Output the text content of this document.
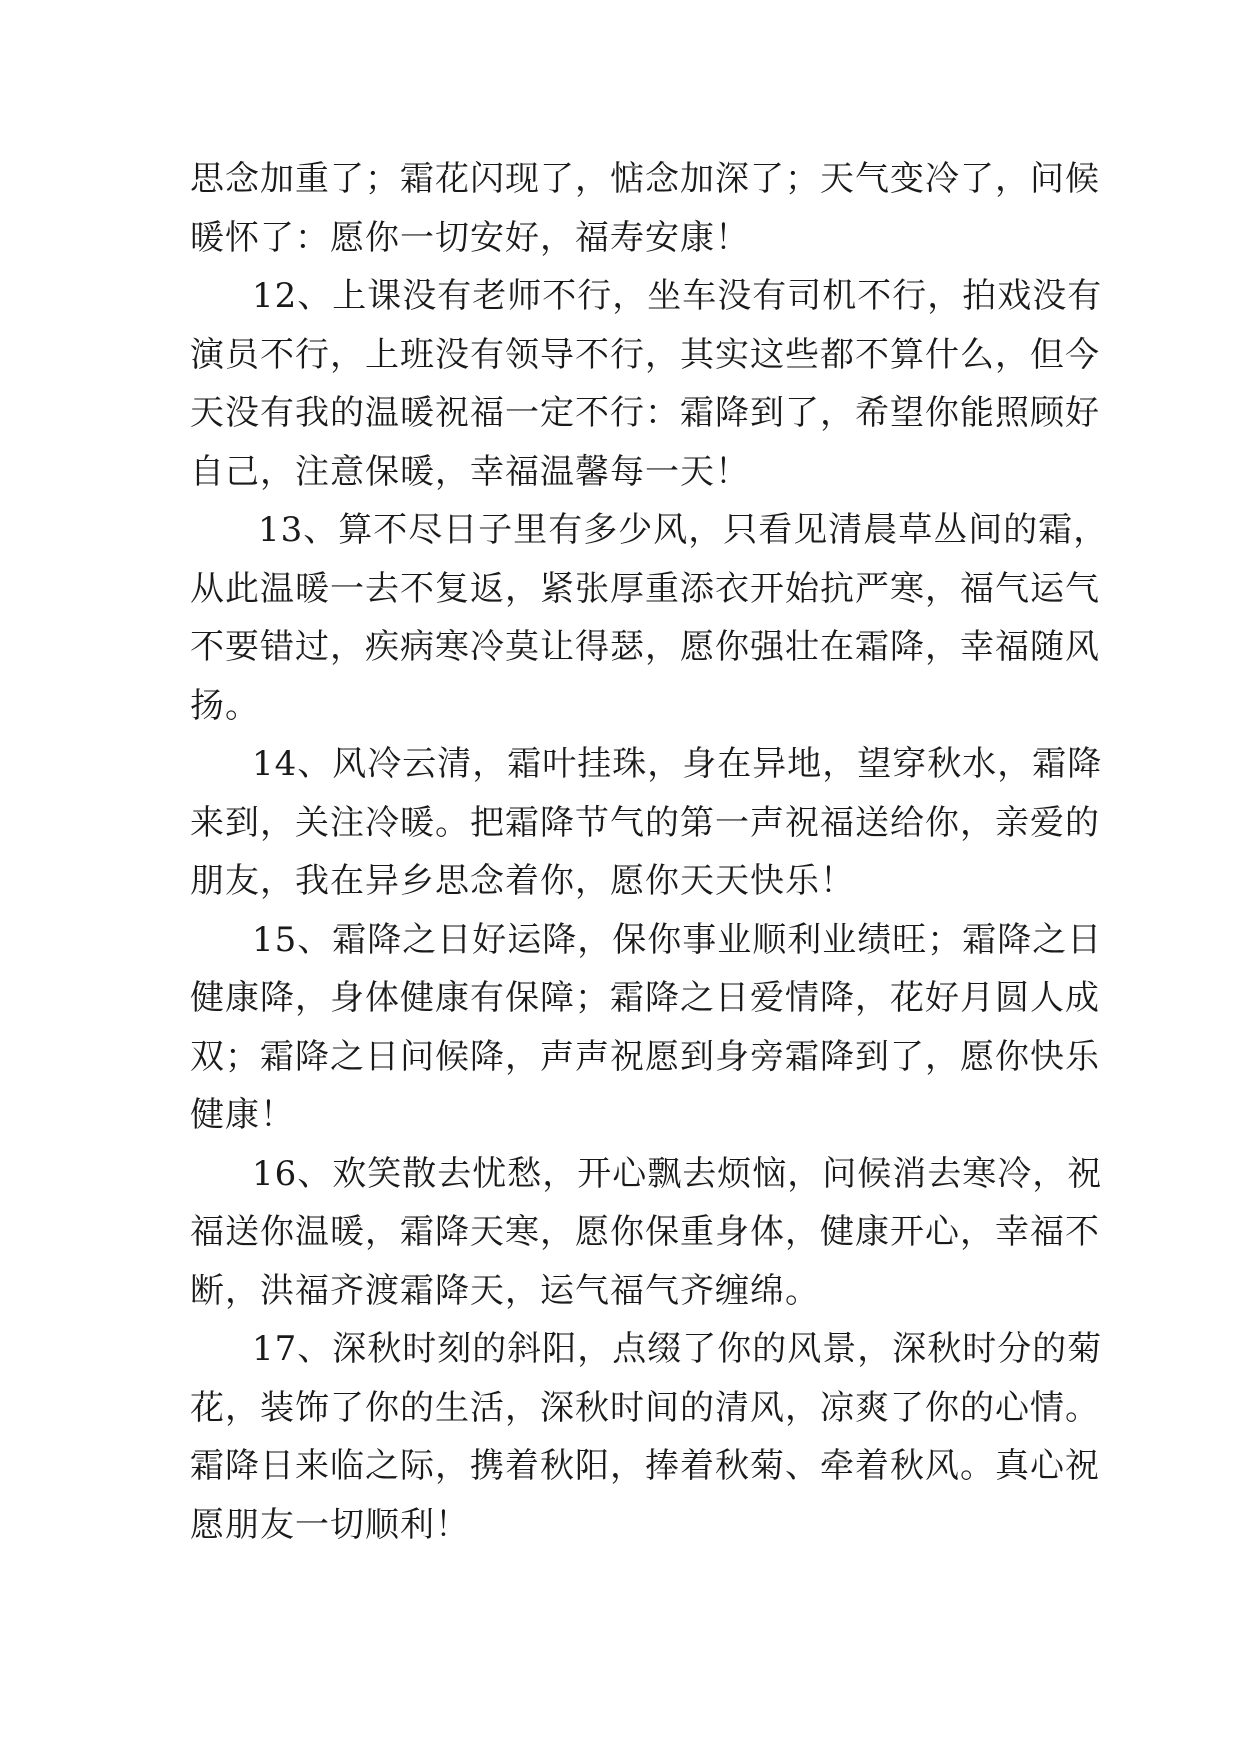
思念加重了；霜花闪现了，惦念加深了；天气变冷了，问候
暖怀了：愿你一切安好，福寿安康！

12、上课没有老师不行，坐车没有司机不行，拍戏没有
演员不行，上班没有领导不行，其实这些都不算什么，但今
天没有我的温暖祝福一定不行：霜降到了，希望你能照顾好
自己，注意保暖，幸福温馨每一天！

13、算不尽日子里有多少风，只看见清晨草丛间的霜，
从此温暖一去不复返，紧张厚重添衣开始抗严寒，福气运气
不要错过，疾病寒冷莫让得瑟，愿你强壮在霜降，幸福随风
扬。

14、风冷云清，霜叶挂珠，身在异地，望穿秋水，霜降
来到，关注冷暖。把霜降节气的第一声祝福送给你，亲爱的
朋友，我在异乡思念着你，愿你天天快乐！

15、霜降之日好运降，保你事业顺利业绩旺；霜降之日
健康降，身体健康有保障；霜降之日爱情降，花好月圆人成
双；霜降之日问候降，声声祝愿到身旁霜降到了，愿你快乐
健康！

16、欢笑散去忧愁，开心飘去烦恼，问候消去寒冷，祝
福送你温暖，霜降天寒，愿你保重身体，健康开心，幸福不
断，洪福齐渡霜降天，运气福气齐缠绵。

17、深秋时刻的斜阳，点缀了你的风景，深秋时分的菊
花，装饰了你的生活，深秋时间的清风，凉爽了你的心情。
霜降日来临之际，携着秋阳，捧着秋菊、牵着秋风。真心祝
愿朋友一切顺利！
